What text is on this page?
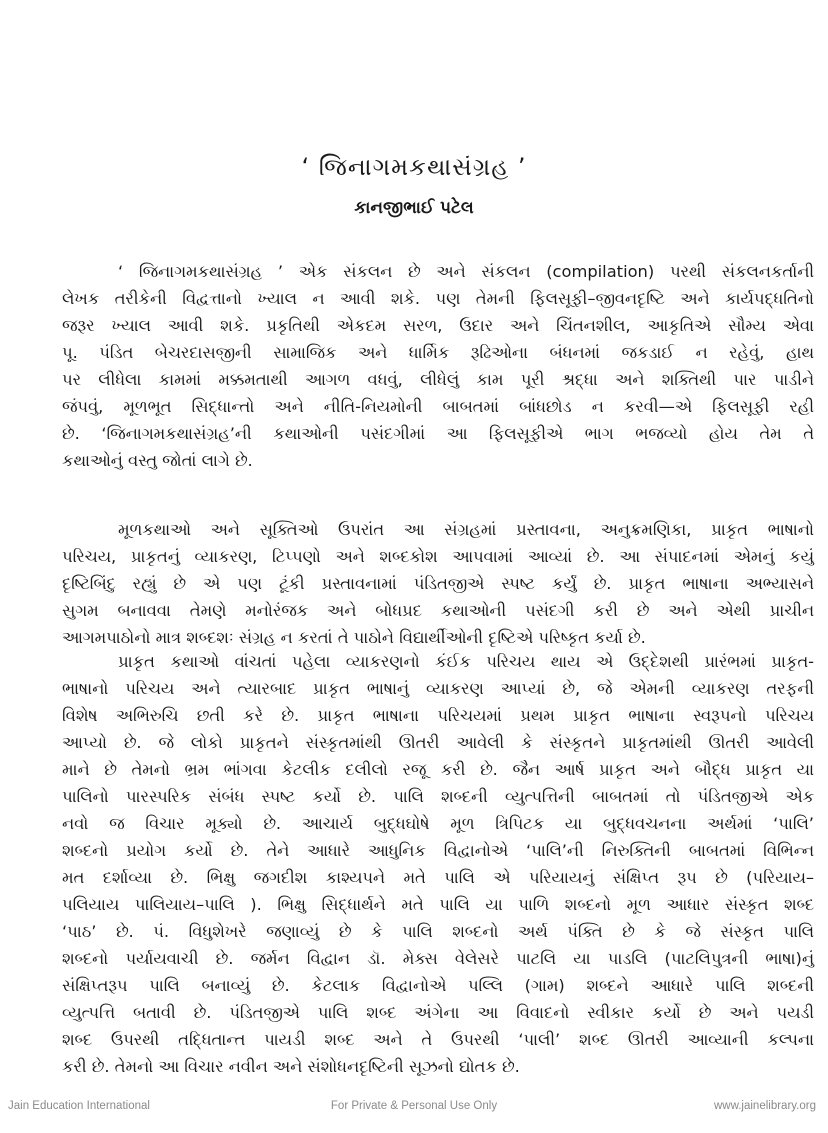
‘ જિનાગમકથાસંગ્રહ ’
કાનજીભાઈ પટેલ
‘ જિનાગમકથાસંગ્રહ ’ એક સંકલન છે અને સંકલન (compilation) પરથી સંકલનકર્તાની
લેખક તરીકેની વિદ્વત્તાનો ખ્યાલ ન આવી શકે. પણ તેમની ફિલસૂફી–જીવનદૃષ્ટિ અને કાર્યપદ્ધતિનો
જરૂર ખ્યાલ આવી શકે. પ્રકૃતિથી એકદમ સરળ, ઉદાર અને ચિંતનશીલ, આકૃતિએ સૌમ્ય એવા
પૂ. પંડિત બેચરદાસજીની સામાજિક અને ધાર્મિક રૂઢિઓના બંધનમાં જકડાઈ ન રહેવું, હાથ
પર લીધેલા કામમાં મક્કમતાથી આગળ વધવું, લીધેલું કામ પૂરી શ્રદ્ધા અને શક્તિથી પાર પાડીને
જંપવું, મૂળભૂત સિદ્ધાન્તો અને નીતિ-નિયમોની બાબતમાં બાંધછોડ ન કરવી—એ ફિલસૂફી રહી
છે. ‘જિનાગમકથાસંગ્રહ’ની કથાઓની પસંદગીમાં આ ફિલસૂફીએ ભાગ ભજવ્યો હોય તેમ તે
કથાઓનું વસ્તુ જોતાં લાગે છે.
મૂળકથાઓ અને સૂક્તિઓ ઉપરાંત આ સંગ્રહમાં પ્રસ્તાવના, અનુક્રમણિકા, પ્રાકૃત ભાષાનો
પરિચય, પ્રાકૃતનું વ્યાકરણ, ટિપ્પણો અને શબ્દકોશ આપવામાં આવ્યાં છે. આ સંપાદનમાં એમનું કયું
દૃષ્ટિબિંદુ રહ્યું છે એ પણ ટૂંકી પ્રસ્તાવનામાં પંડિતજીએ સ્પષ્ટ કર્યું છે. પ્રાકૃત ભાષાના અભ્યાસને
સુગમ બનાવવા તેમણે મનોરંજક અને બોધપ્રદ કથાઓની પસંદગી કરી છે અને એથી પ્રાચીન
આગમપાઠોનો માત્ર શબ્દશઃ સંગ્રહ ન કરતાં તે પાઠોને વિદ્યાર્થીઓની દૃષ્ટિએ પરિષ્કૃત કર્યા છે.
પ્રાકૃત કથાઓ વાંચતાં પહેલા વ્યાકરણનો કંઈક પરિચય થાય એ ઉદ્દેશથી પ્રારંભમાં પ્રાકૃત-
ભાષાનો પરિચય અને ત્યારબાદ પ્રાકૃત ભાષાનું વ્યાકરણ આપ્યાં છે, જે એમની વ્યાકરણ તરફની
વિશેષ અભિરુચિ છતી કરે છે. પ્રાકૃત ભાષાના પરિચયમાં પ્રથમ પ્રાકૃત ભાષાના સ્વરૂપનો પરિચય
આપ્યો છે. જે લોકો પ્રાકૃતને સંસ્કૃતમાંથી ઊતરી આવેલી કે સંસ્કૃતને પ્રાકૃતમાંથી ઊતરી આવેલી
માને છે તેમનો ભ્રમ ભાંગવા કેટલીક દલીલો રજૂ કરી છે. જૈન આર્ષ પ્રાકૃત અને બૌદ્ધ પ્રાકૃત યા
પાલિનો પારસ્પરિક સંબંધ સ્પષ્ટ કર્યો છે. પાલિ શબ્દની વ્યુત્પત્તિની બાબતમાં તો પંડિતજીએ એક
નવો જ વિચાર મૂક્યો છે. આચાર્ય બુદ્ધઘોષે મૂળ ત્રિપિટક યા બુદ્ધવચનના અર્થમાં ‘પાલિ’
શબ્દનો પ્રયોગ કર્યો છે. તેને આધારે આધુનિક વિદ્વાનોએ ‘પાલિ’ની નિરુક્તિની બાબતમાં વિભિન્ન
મત દર્શાવ્યા છે. ભિક્ષુ જગદીશ કાશ્યપને મતે પાલિ એ પરિયાયનું સંક્ષિપ્ત રૂપ છે (પરિયાય–
પલિયાય પાલિયાય–પાલિ ). ભિક્ષુ સિદ્ધાર્થને મતે પાલિ યા પાળિ શબ્દનો મૂળ આધાર સંસ્કૃત શબ્દ
‘પાઠ’ છે. પં. વિધુશેખરે જણાવ્યું છે કે પાલિ શબ્દનો અર્થ પંક્તિ છે કે જે સંસ્કૃત પાલિ
શબ્દનો પર્યાયવાચી છે. જર્મન વિદ્વાન ડૉ. મેક્સ વેલેસરે પાટલિ યા પાડલિ (પાટલિપુત્રની ભાષા)નું
સંક્ષિપ્તરૂપ પાલિ બનાવ્યું છે. કેટલાક વિદ્વાનોએ પલ્લિ (ગામ) શબ્દને આધારે પાલિ શબ્દની
વ્યુત્પત્તિ બતાવી છે. પંડિતજીએ પાલિ શબ્દ અંગેના આ વિવાદનો સ્વીકાર કર્યો છે અને પયડી
શબ્દ ઉપરથી તદ્ધિતાન્ત પાયડી શબ્દ અને તે ઉપરથી ‘પાલી’ શબ્દ ઊતરી આવ્યાની કલ્પના
કરી છે. તેમનો આ વિચાર નવીન અને સંશોધનદૃષ્ટિની સૂઝનો દ્યોતક છે.
Jain Education International	For Private & Personal Use Only	www.jainelibrary.org
